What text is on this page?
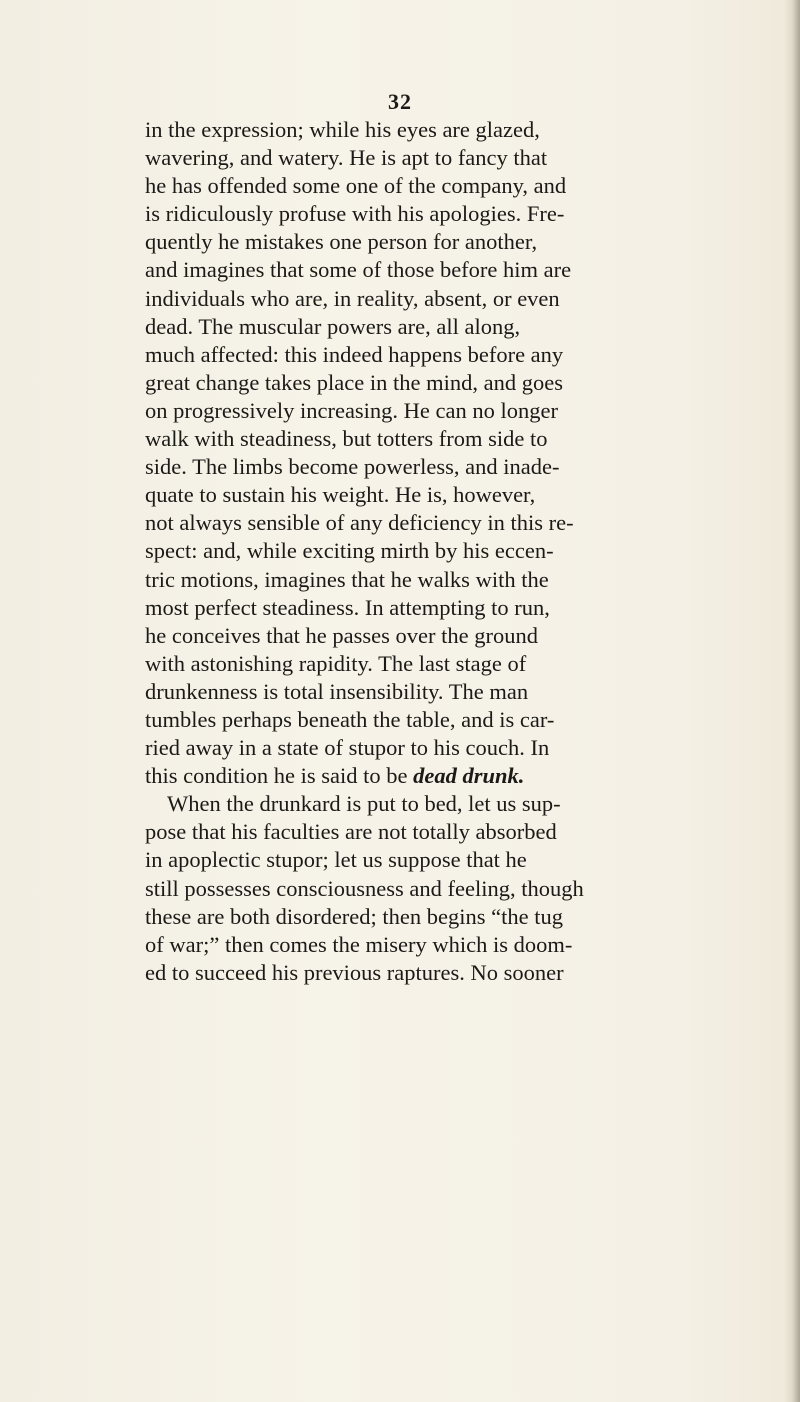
32
in the expression; while his eyes are glazed,
wavering, and watery. He is apt to fancy that
he has offended some one of the company, and
is ridiculously profuse with his apologies. Fre-
quently he mistakes one person for another,
and imagines that some of those before him are
individuals who are, in reality, absent, or even
dead. The muscular powers are, all along,
much affected: this indeed happens before any
great change takes place in the mind, and goes
on progressively increasing. He can no longer
walk with steadiness, but totters from side to
side. The limbs become powerless, and inade-
quate to sustain his weight. He is, however,
not always sensible of any deficiency in this re-
spect: and, while exciting mirth by his eccen-
tric motions, imagines that he walks with the
most perfect steadiness. In attempting to run,
he conceives that he passes over the ground
with astonishing rapidity. The last stage of
drunkenness is total insensibility. The man
tumbles perhaps beneath the table, and is car-
ried away in a state of stupor to his couch. In
this condition he is said to be dead drunk.
When the drunkard is put to bed, let us sup-
pose that his faculties are not totally absorbed
in apoplectic stupor; let us suppose that he
still possesses consciousness and feeling, though
these are both disordered; then begins “the tug
of war;” then comes the misery which is doom-
ed to succeed his previous raptures. No sooner
